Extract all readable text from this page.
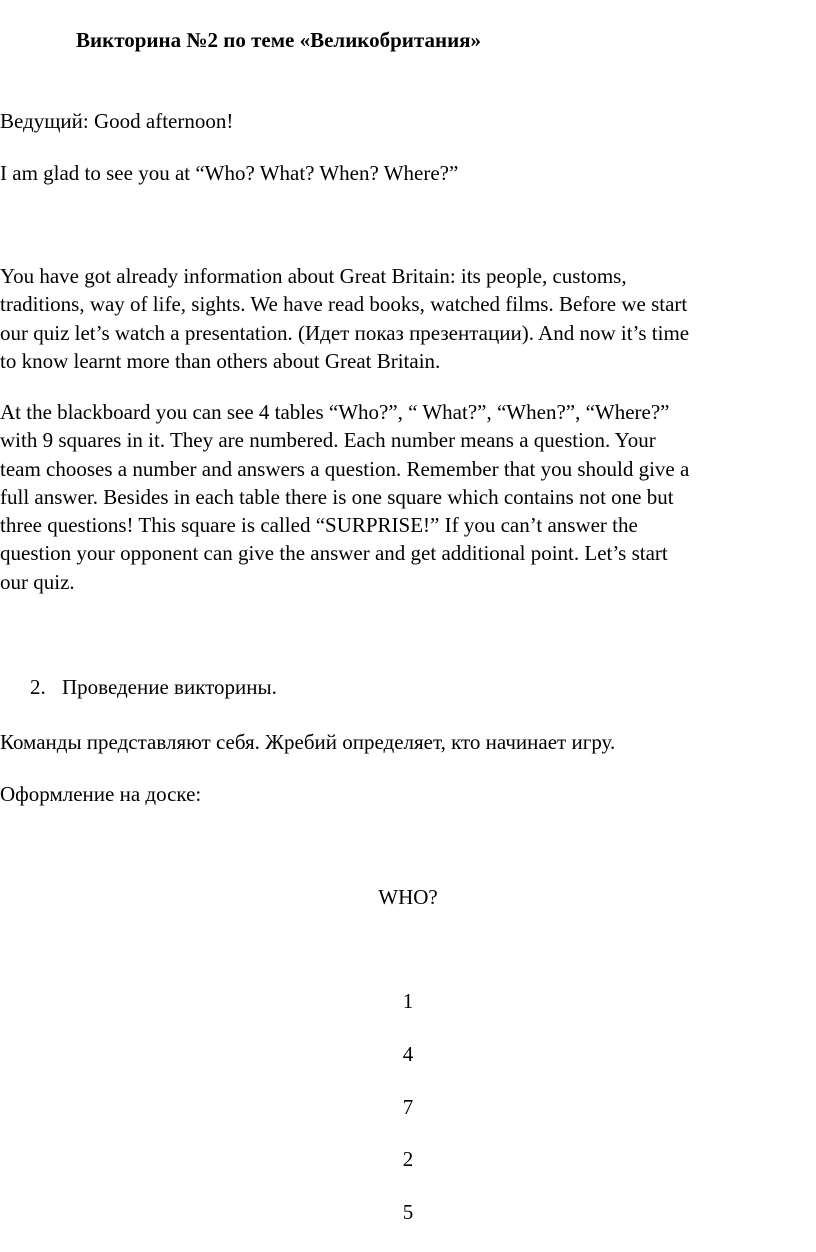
Викторина №2 по теме «Великобритания»
Ведущий: Good afternoon!
I am glad to see you at “Who? What? When? Where?”
You have got already information about Great Britain: its people, customs,
traditions, way of life, sights. We have read books, watched films. Before we start
our quiz let’s watch a presentation. (Идет показ презентации). And now it’s time
to know learnt more than others about Great Britain.
At the blackboard you can see 4 tables “Who?”, “ What?”, “When?”, “Where?”
with 9 squares in it. They are numbered. Each number means a question. Your
team chooses a number and answers a question. Remember that you should give a
full answer. Besides in each table there is one square which contains not one but
three questions! This square is called “SURPRISE!” If you can’t answer the
question your opponent can give the answer and get additional point. Let’s start
our quiz.
2. Проведение викторины.
Команды представляют себя. Жребий определяет, кто начинает игру.
Оформление на доске:
WHO?
1
4
7
2
5
